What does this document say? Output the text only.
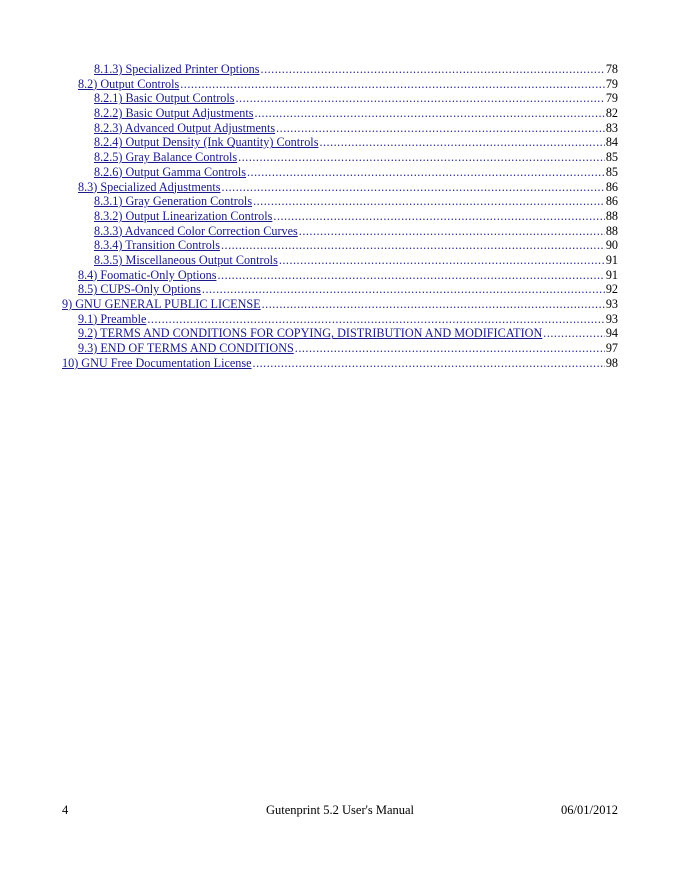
8.1.3) Specialized Printer Options .....	78
8.2) Output Controls .....	79
8.2.1) Basic Output Controls .....	79
8.2.2) Basic Output Adjustments .....	82
8.2.3) Advanced Output Adjustments .....	83
8.2.4) Output Density (Ink Quantity) Controls .....	84
8.2.5) Gray Balance Controls .....	85
8.2.6) Output Gamma Controls .....	85
8.3) Specialized Adjustments .....	86
8.3.1) Gray Generation Controls .....	86
8.3.2) Output Linearization Controls .....	88
8.3.3) Advanced Color Correction Curves .....	88
8.3.4) Transition Controls .....	90
8.3.5) Miscellaneous Output Controls .....	91
8.4) Foomatic-Only Options .....	91
8.5) CUPS-Only Options .....	92
9) GNU GENERAL PUBLIC LICENSE .....	93
9.1) Preamble .....	93
9.2) TERMS AND CONDITIONS FOR COPYING, DISTRIBUTION AND MODIFICATION .....	94
9.3) END OF TERMS AND CONDITIONS .....	97
10) GNU Free Documentation License .....	98
4	Gutenprint 5.2 User's Manual	06/01/2012
